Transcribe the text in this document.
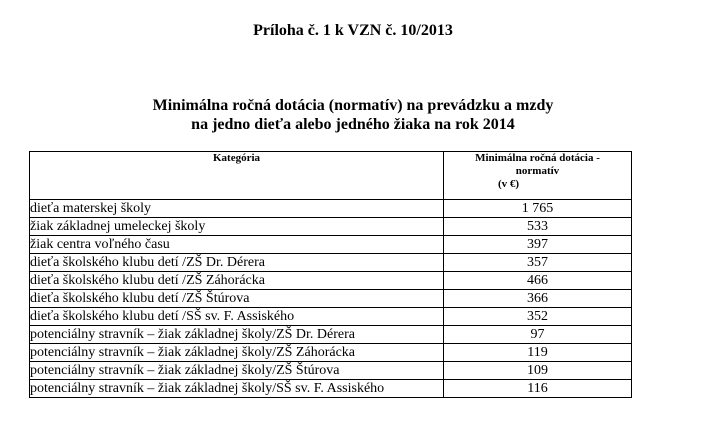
Príloha č. 1 k VZN č. 10/2013
Minimálna ročná dotácia (normatív) na prevádzku a mzdy
na jedno dieťa alebo jedného žiaka na rok 2014
Kategória	Minimálna ročná dotácia -
normatív
(v €)

dieťa materskej školy	1 765
žiak základnej umeleckej školy	533
žiak centra voľného času	397
dieťa školského klubu detí /ZŠ Dr. Dérera	357
dieťa školského klubu detí /ZŠ Záhorácka	466
dieťa školského klubu detí /ZŠ Štúrova	366
dieťa školského klubu detí /SŠ sv. F. Assiského	352
potenciálny stravník – žiak základnej školy/ZŠ Dr. Dérera	97
potenciálny stravník – žiak základnej školy/ZŠ Záhorácka	119
potenciálny stravník – žiak základnej školy/ZŠ Štúrova	109
potenciálny stravník – žiak základnej školy/SŠ sv. F. Assiského	116
